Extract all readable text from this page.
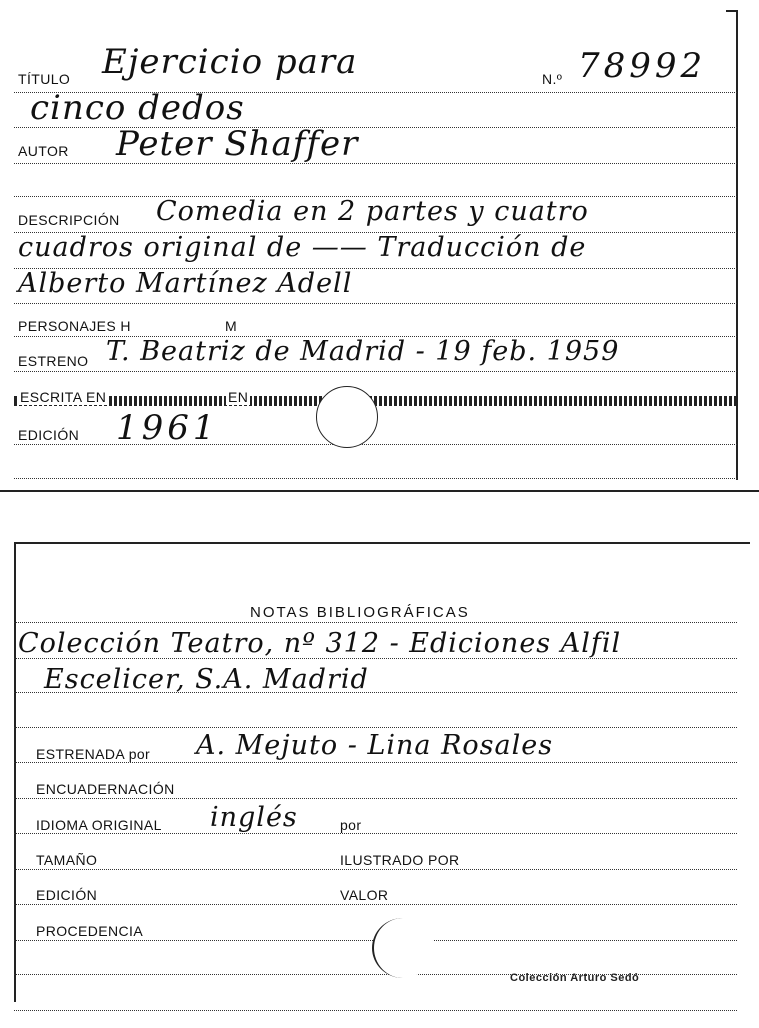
TÍTULO Ejercicio para	N.º 78992
cinco dedos
AUTOR Peter Shaffer
DESCRIPCIÓN Comedia en 2 partes y cuatro
cuadros original de —— Traducción de
Alberto Martínez Adell
PERSONAJES H	M
ESTRENO T. Beatriz de Madrid - 19 feb. 1959
ESCRITA EN	EN
EDICIÓN 1961
NOTAS BIBLIOGRÁFICAS
Colección Teatro, nº 312 - Ediciones Alfil
Escelicer, S.A. Madrid
ESTRENADA por A. Mejuto - Lina Rosales
ENCUADERNACIÓN
IDIOMA ORIGINAL inglés	por
TAMAÑO	ILUSTRADO POR
EDICIÓN	VALOR
PROCEDENCIA
Colección Arturo Sedó
